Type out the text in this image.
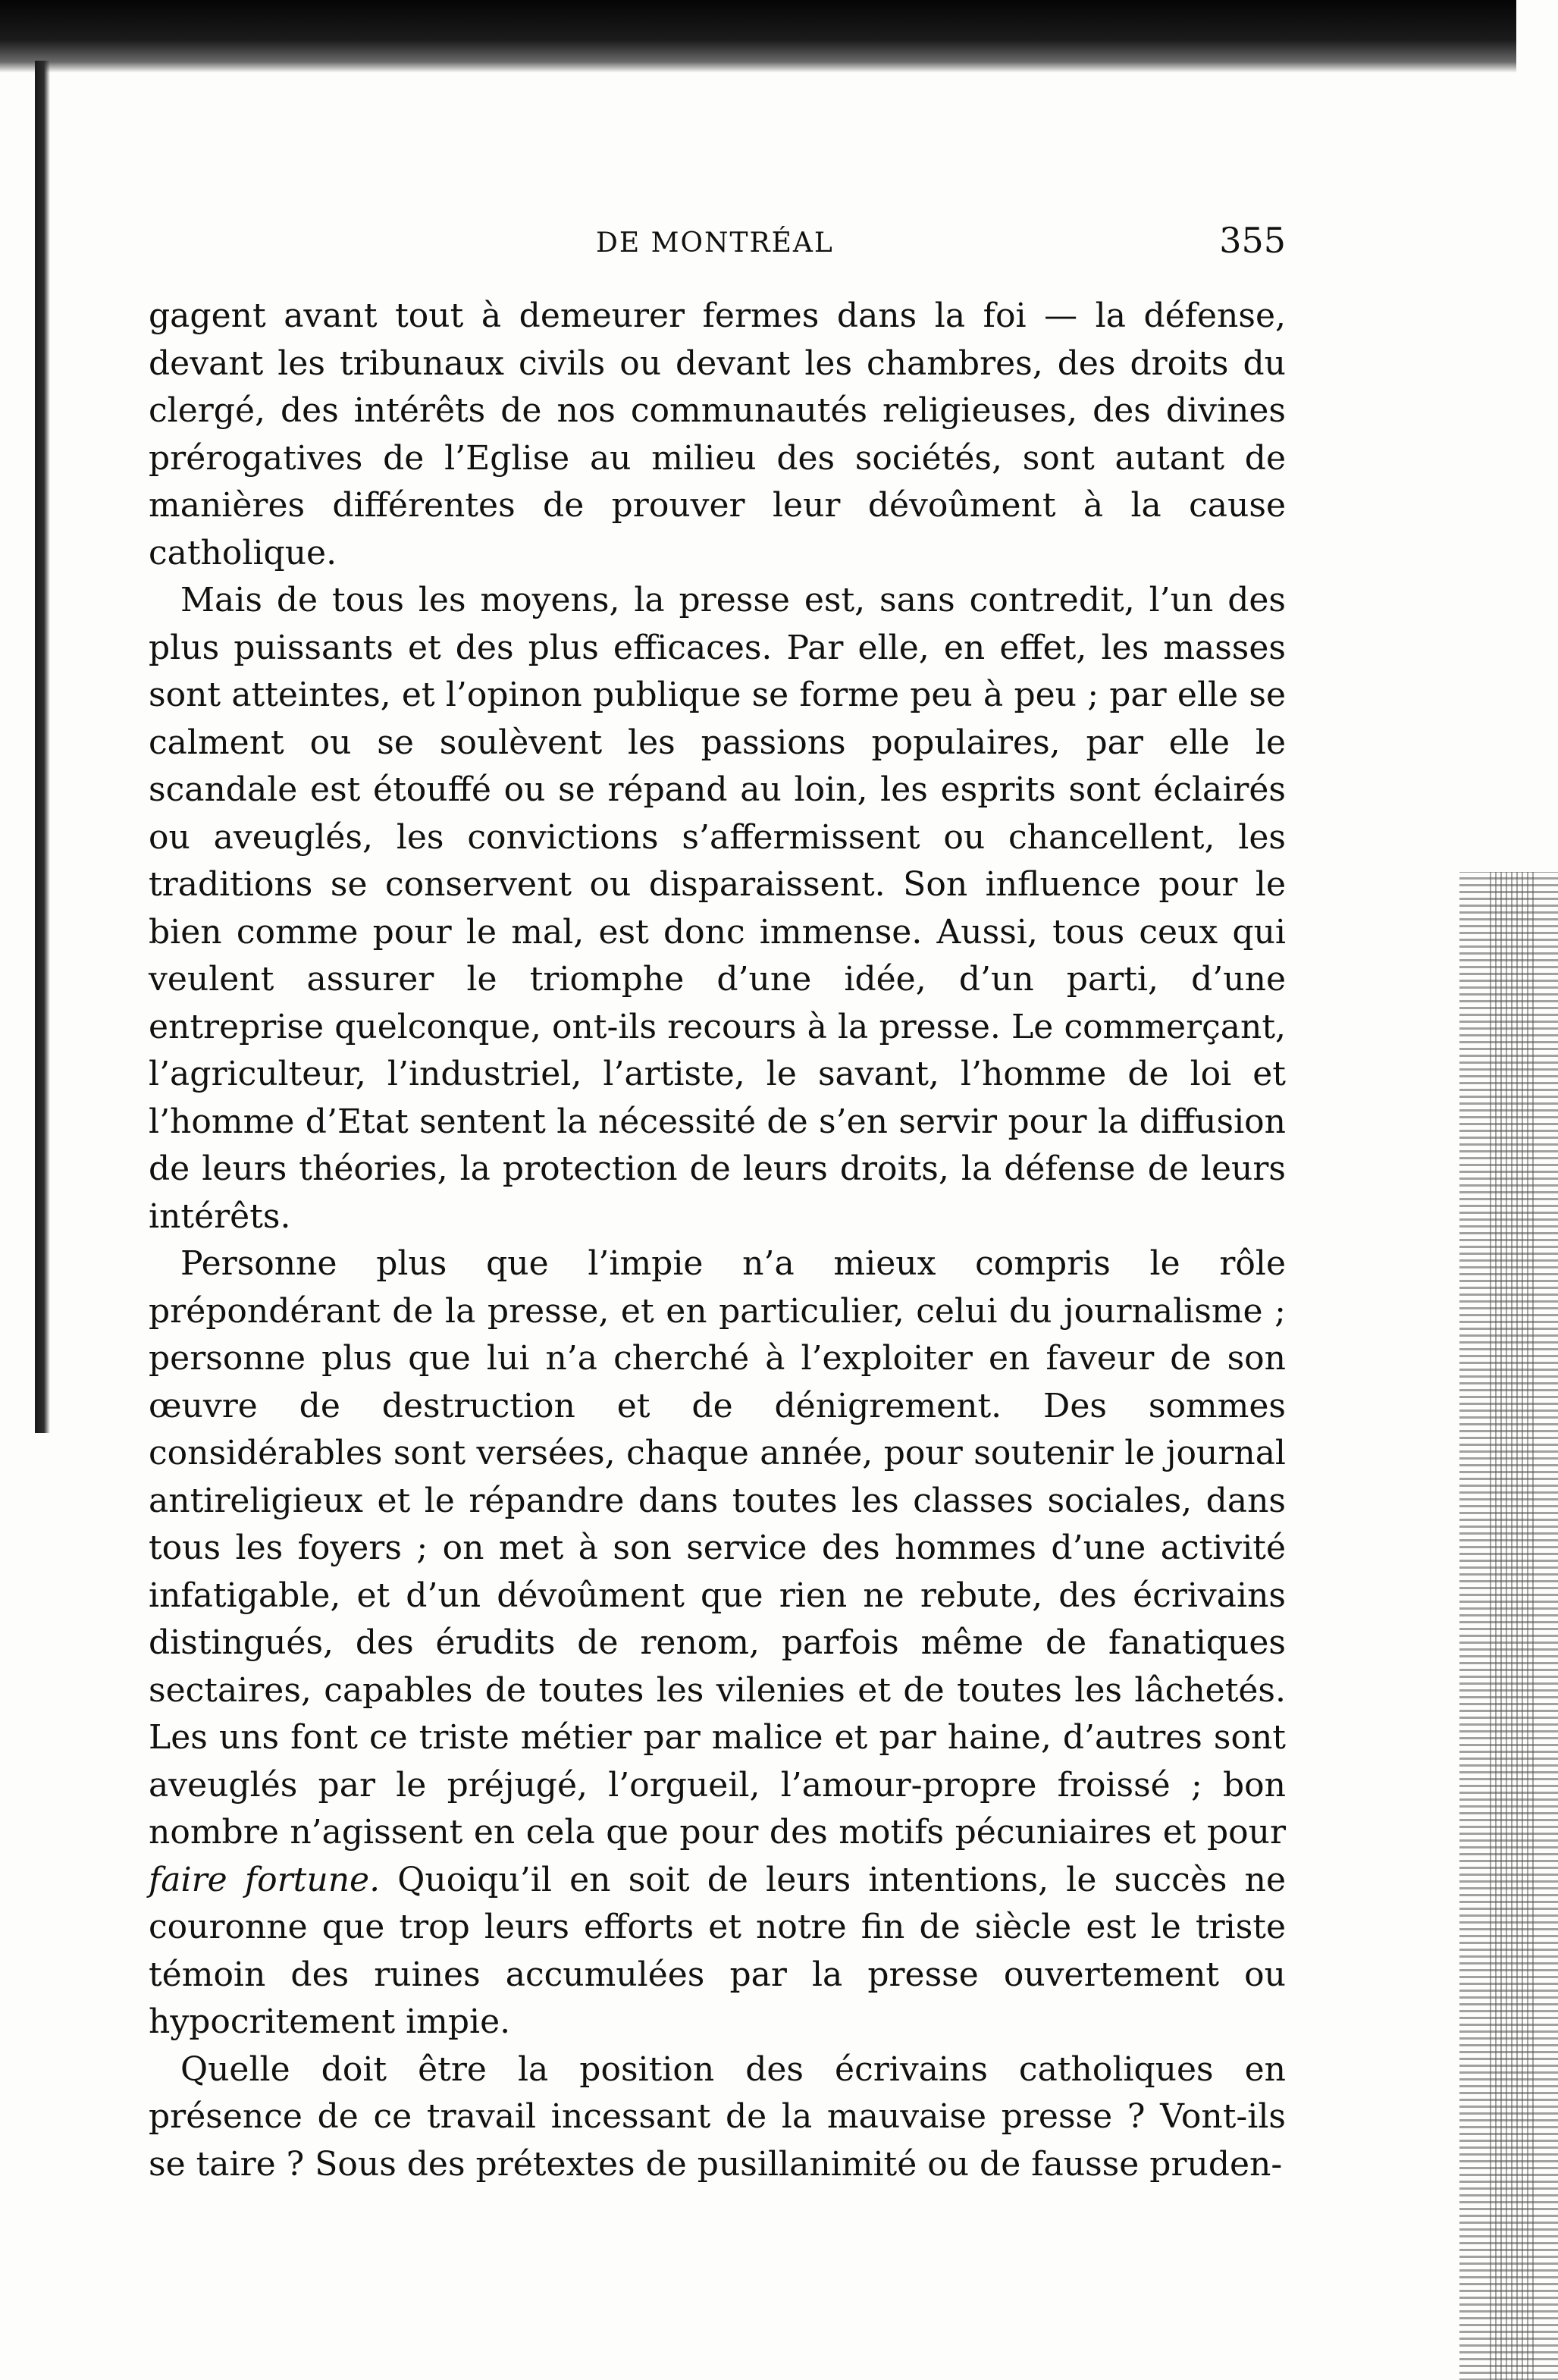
DE MONTRÉAL	355

gagent avant tout à demeurer fermes dans la foi — la défense, devant les tribunaux civils ou devant les chambres, des droits du clergé, des intérêts de nos communautés religieuses, des divines prérogatives de l’Eglise au milieu des sociétés, sont autant de manières différentes de prouver leur dévoûment à la cause catholique.

Mais de tous les moyens, la presse est, sans contredit, l’un des plus puissants et des plus efficaces. Par elle, en effet, les masses sont atteintes, et l’opinon publique se forme peu à peu ; par elle se calment ou se soulèvent les passions populaires, par elle le scandale est étouffé ou se répand au loin, les esprits sont éclairés ou aveuglés, les convictions s’affermissent ou chancellent, les traditions se conservent ou disparaissent. Son influence pour le bien comme pour le mal, est donc immense. Aussi, tous ceux qui veulent assurer le triomphe d’une idée, d’un parti, d’une entreprise quelconque, ont-ils recours à la presse. Le commerçant, l’agriculteur, l’industriel, l’artiste, le savant, l’homme de loi et l’homme d’Etat sentent la nécessité de s’en servir pour la diffusion de leurs théories, la protection de leurs droits, la défense de leurs intérêts.

Personne plus que l’impie n’a mieux compris le rôle prépondérant de la presse, et en particulier, celui du journalisme ; personne plus que lui n’a cherché à l’exploiter en faveur de son œuvre de destruction et de dénigrement. Des sommes considérables sont versées, chaque année, pour soutenir le journal antireligieux et le répandre dans toutes les classes sociales, dans tous les foyers ; on met à son service des hommes d’une activité infatigable, et d’un dévoûment que rien ne rebute, des écrivains distingués, des érudits de renom, parfois même de fanatiques sectaires, capables de toutes les vilenies et de toutes les lâchetés. Les uns font ce triste métier par malice et par haine, d’autres sont aveuglés par le préjugé, l’orgueil, l’amour-propre froissé ; bon nombre n’agissent en cela que pour des motifs pécuniaires et pour faire fortune. Quoiqu’il en soit de leurs intentions, le succès ne couronne que trop leurs efforts et notre fin de siècle est le triste témoin des ruines accumulées par la presse ouvertement ou hypocritement impie.

Quelle doit être la position des écrivains catholiques en présence de ce travail incessant de la mauvaise presse ? Vont-ils se taire ? Sous des prétextes de pusillanimité ou de fausse pruden-
